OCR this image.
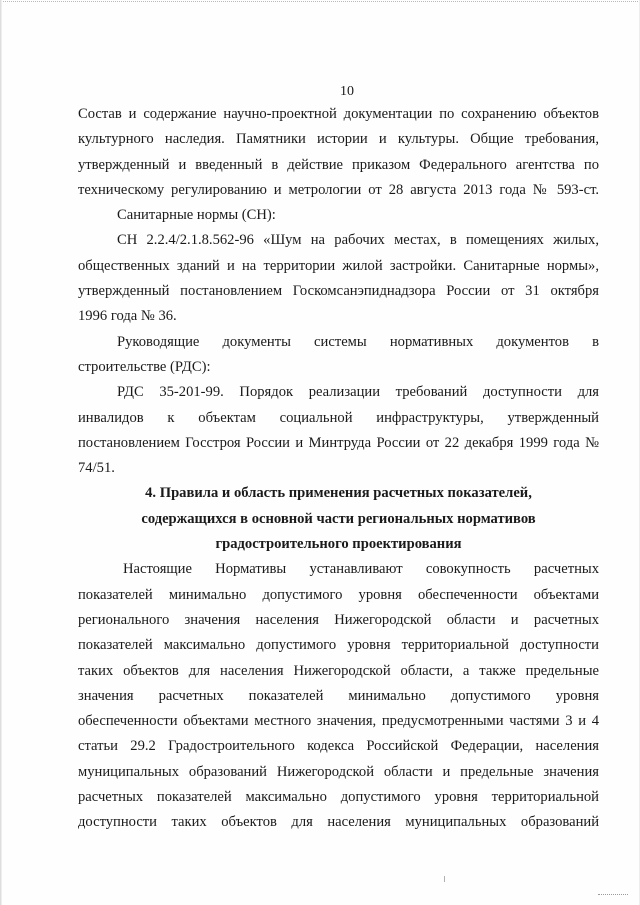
10
Состав и содержание научно-проектной документации по сохранению объектов
культурного наследия. Памятники истории и культуры. Общие требования,
утвержденный и введенный в действие приказом Федерального агентства по
техническому регулированию и метрологии от 28 августа 2013 года № 593-ст.
Санитарные нормы (СН):
СН 2.2.4/2.1.8.562-96 «Шум на рабочих местах, в помещениях жилых,
общественных зданий и на территории жилой застройки. Санитарные нормы»,
утвержденный постановлением Госкомсанэпиднадзора России от 31 октября
1996 года № 36.
Руководящие документы системы нормативных документов в
строительстве (РДС):
РДС 35-201-99. Порядок реализации требований доступности для
инвалидов к объектам социальной инфраструктуры, утвержденный
постановлением Госстроя России и Минтруда России от 22 декабря 1999 года №
74/51.
4. Правила и область применения расчетных показателей,
содержащихся в основной части региональных нормативов
градостроительного проектирования
Настоящие Нормативы устанавливают совокупность расчетных
показателей минимально допустимого уровня обеспеченности объектами
регионального значения населения Нижегородской области и расчетных
показателей максимально допустимого уровня территориальной доступности
таких объектов для населения Нижегородской области, а также предельные
значения расчетных показателей минимально допустимого уровня
обеспеченности объектами местного значения, предусмотренными частями 3 и 4
статьи 29.2 Градостроительного кодекса Российской Федерации, населения
муниципальных образований Нижегородской области и предельные значения
расчетных показателей максимально допустимого уровня территориальной
доступности таких объектов для населения муниципальных образований
